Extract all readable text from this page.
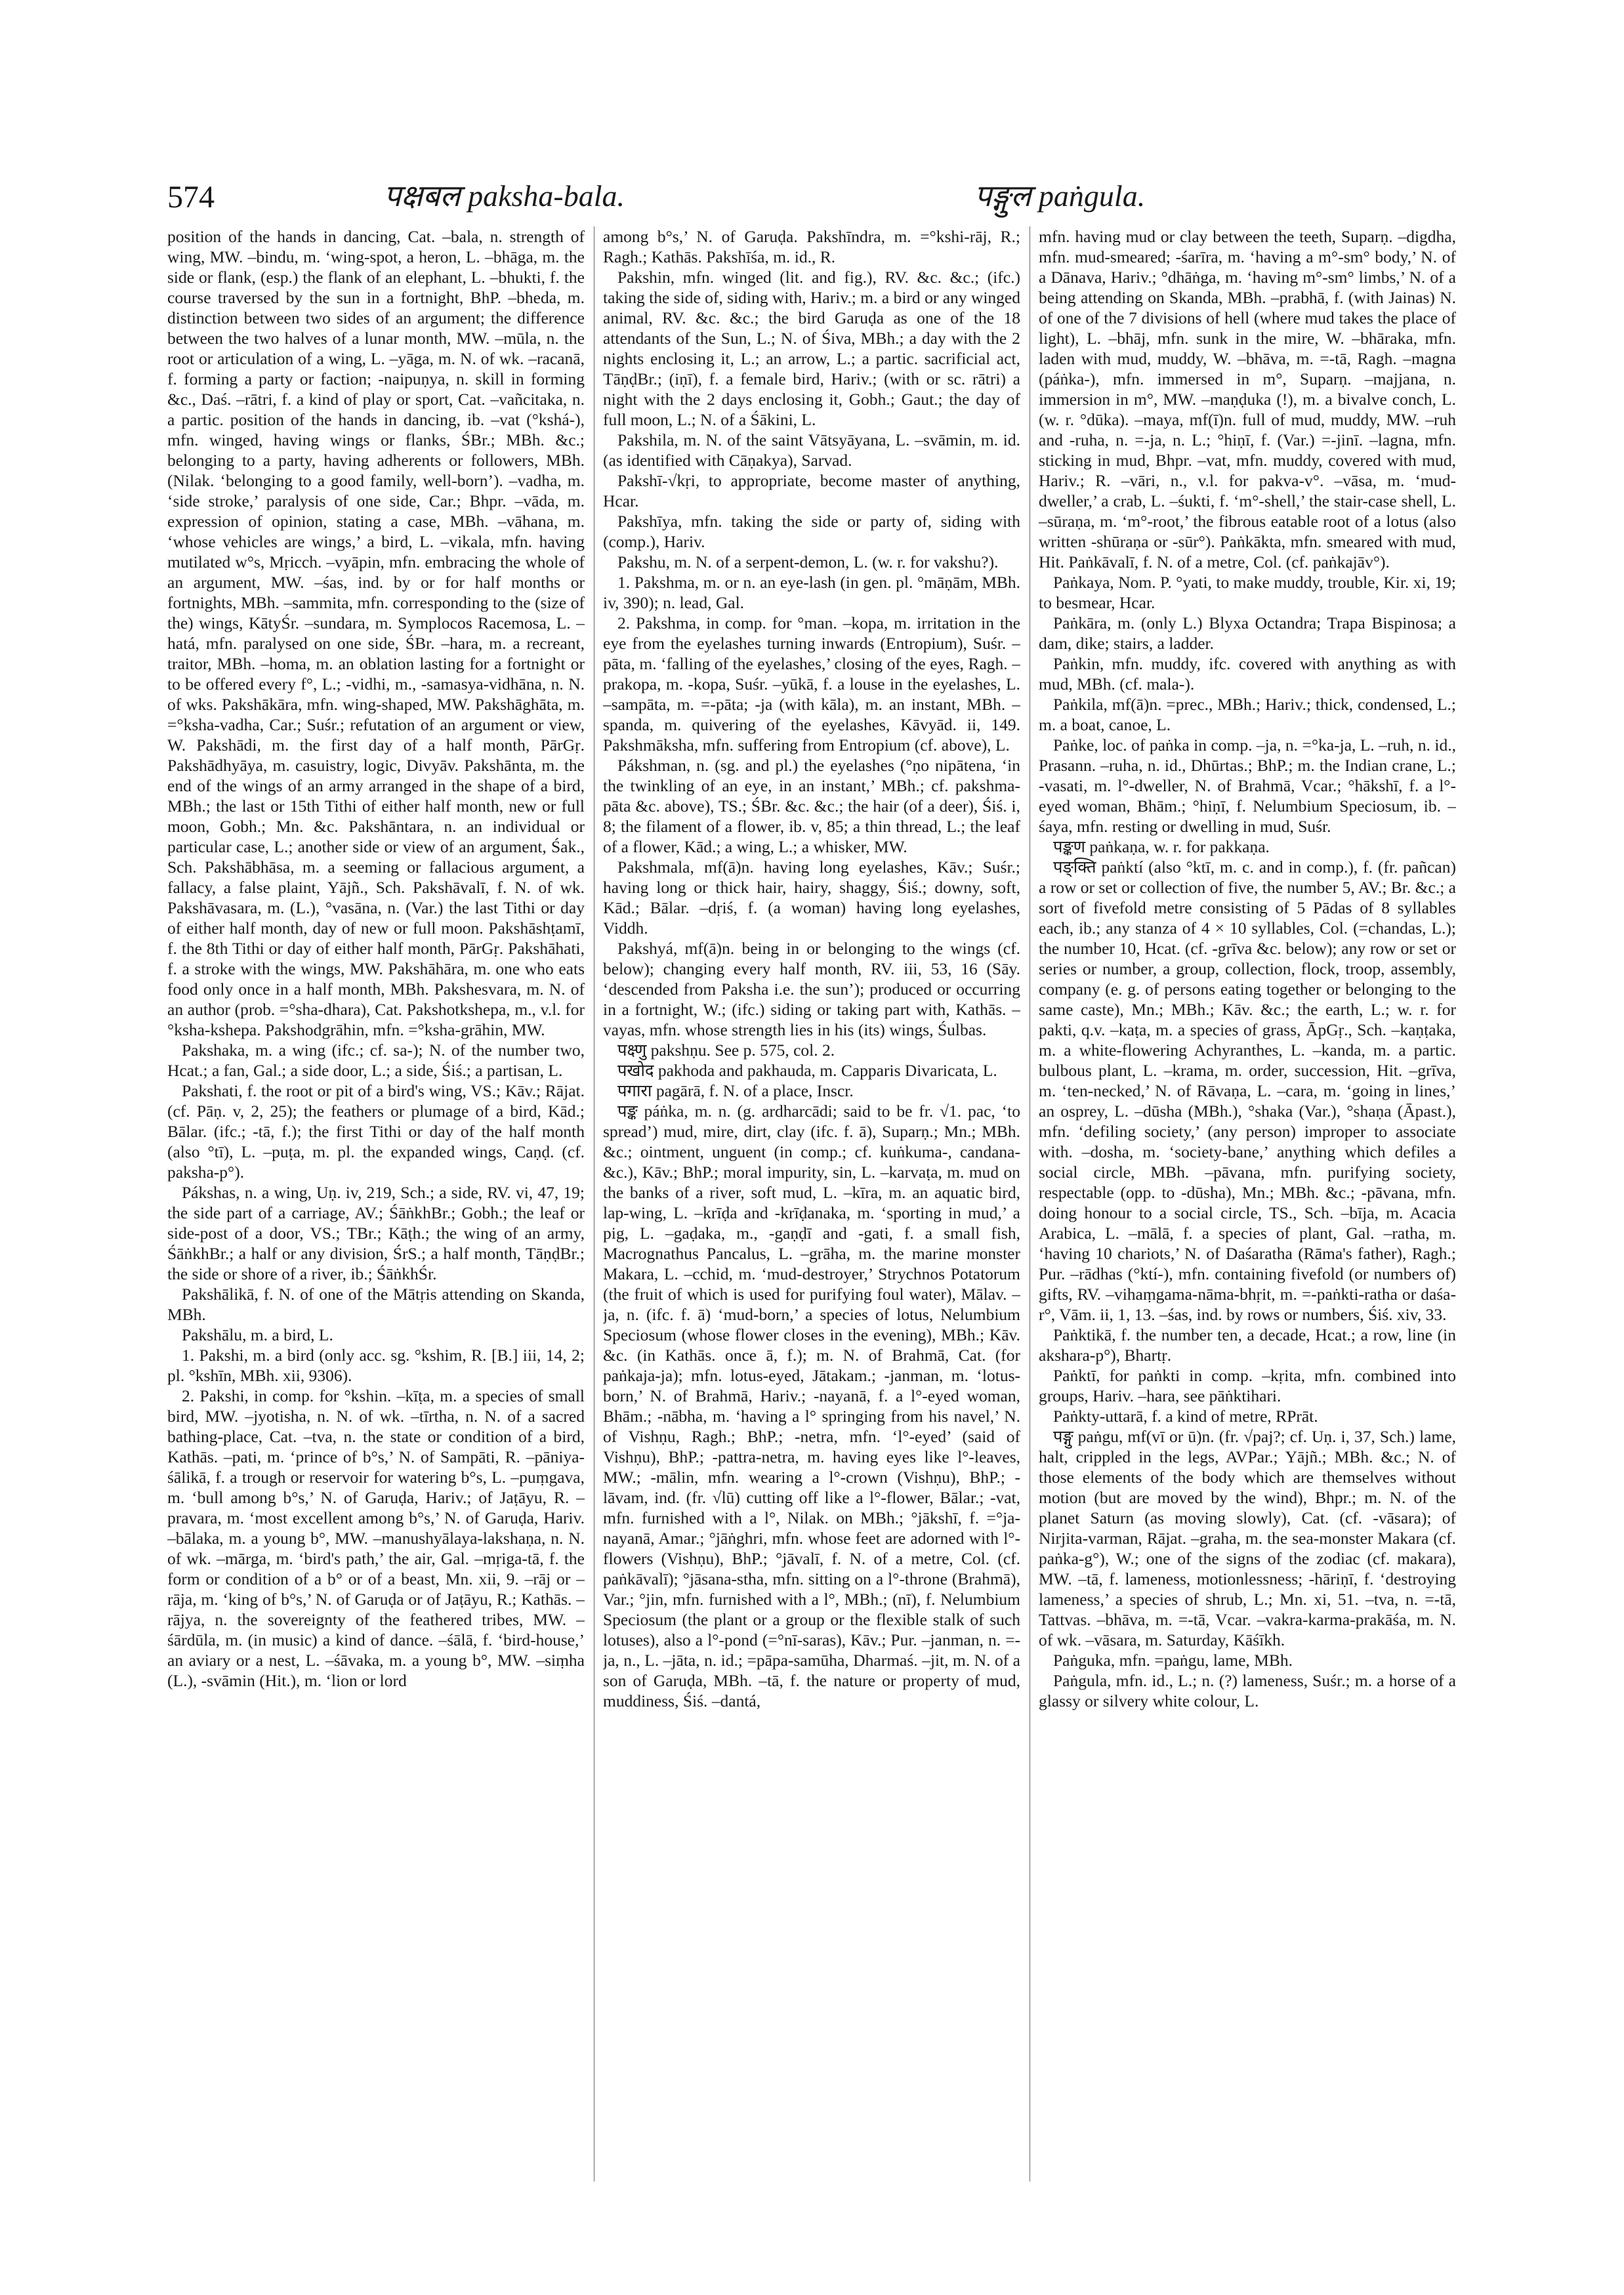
574	पक्षबल paksha-bala.	पङ्गुल paṅgula.

position of the hands in dancing, Cat. –bala, n. strength of wing, MW. –bindu, m. ‘wing-spot, a heron, L. –bhāga, m. the side or flank, (esp.) the flank of an elephant, L. –bhukti, f. the course traversed by the sun in a fortnight, BhP. –bheda, m. distinction between two sides of an argument; the difference between the two halves of a lunar month, MW. –mūla, n. the root or articulation of a wing, L. –yāga, m. N. of wk. –racanā, f. forming a party or faction; -naipuṇya, n. skill in forming &c., Daś. –rātri, f. a kind of play or sport, Cat. –vañcitaka, n. a partic. position of the hands in dancing, ib. –vat (°kshá-), mfn. winged, having wings or flanks, ŚBr.; MBh. &c.; belonging to a party, having adherents or followers, MBh. (Nilak. ‘belonging to a good family, well-born’). –vadha, m. ‘side stroke,’ paralysis of one side, Car.; Bhpr. –vāda, m. expression of opinion, stating a case, MBh. –vāhana, m. ‘whose vehicles are wings,’ a bird, L. –vikala, mfn. having mutilated w°s, Mṛicch. –vyāpin, mfn. embracing the whole of an argument, MW. –śas, ind. by or for half months or fortnights, MBh. –sammita, mfn. corresponding to the (size of the) wings, KātyŚr. –sundara, m. Symplocos Racemosa, L. –hatá, mfn. paralysed on one side, ŚBr. –hara, m. a recreant, traitor, MBh. –homa, m. an oblation lasting for a fortnight or to be offered every f°, L.; -vidhi, m., -samasya-vidhāna, n. N. of wks. Pakshākāra, mfn. wing-shaped, MW. Pakshāghāta, m. =°ksha-vadha, Car.; Suśr.; refutation of an argument or view, W. Pakshādi, m. the first day of a half month, PārGṛ. Pakshādhyāya, m. casuistry, logic, Divyāv. Pakshānta, m. the end of the wings of an army arranged in the shape of a bird, MBh.; the last or 15th Tithi of either half month, new or full moon, Gobh.; Mn. &c. Pakshāntara, n. an individual or particular case, L.; another side or view of an argument, Śak., Sch. Pakshābhāsa, m. a seeming or fallacious argument, a fallacy, a false plaint, Yājñ., Sch. Pakshāvalī, f. N. of wk. Pakshāvasara, m. (L.), °vasāna, n. (Var.) the last Tithi or day of either half month, day of new or full moon. Pakshāshṭamī, f. the 8th Tithi or day of either half month, PārGṛ. Pakshāhati, f. a stroke with the wings, MW. Pakshāhāra, m. one who eats food only once in a half month, MBh. Pakshesvara, m. N. of an author (prob. =°sha-dhara), Cat. Pakshotkshepa, m., v.l. for °ksha-kshepa. Pakshodgrāhin, mfn. =°ksha-grāhin, MW.

Pakshaka, m. a wing (ifc.; cf. sa-); N. of the number two, Hcat.; a fan, Gal.; a side door, L.; a side, Śiś.; a partisan, L.

Pakshati, f. the root or pit of a bird's wing, VS.; Kāv.; Rājat. (cf. Pāṇ. v, 2, 25); the feathers or plumage of a bird, Kād.; Bālar. (ifc.; -tā, f.); the first Tithi or day of the half month (also °tī), L. –puṭa, m. pl. the expanded wings, Caṇḍ. (cf. paksha-p°).

Pákshas, n. a wing, Uṇ. iv, 219, Sch.; a side, RV. vi, 47, 19; the side part of a carriage, AV.; ŚāṅkhBr.; Gobh.; the leaf or side-post of a door, VS.; TBr.; Kāṭh.; the wing of an army, ŚāṅkhBr.; a half or any division, ŚrS.; a half month, TāṇḍBr.; the side or shore of a river, ib.; ŚāṅkhŚr.

Pakshālikā, f. N. of one of the Mātṛis attending on Skanda, MBh.

Pakshālu, m. a bird, L.

1. Pakshi, m. a bird (only acc. sg. °kshim, R. [B.] iii, 14, 2; pl. °kshīn, MBh. xii, 9306).

2. Pakshi, in comp. for °kshin. –kīṭa, m. a species of small bird, MW. –jyotisha, n. N. of wk. –tīrtha, n. N. of a sacred bathing-place, Cat. –tva, n. the state or condition of a bird, Kathās. –pati, m. ‘prince of b°s,’ N. of Sampāti, R. –pāniya-śālikā, f. a trough or reservoir for watering b°s, L. –puṃgava, m. ‘bull among b°s,’ N. of Garuḍa, Hariv.; of Jaṭāyu, R. –pravara, m. ‘most excellent among b°s,’ N. of Garuḍa, Hariv. –bālaka, m. a young b°, MW. –manushyālaya-lakshaṇa, n. N. of wk. –mārga, m. ‘bird's path,’ the air, Gal. –mṛiga-tā, f. the form or condition of a b° or of a beast, Mn. xii, 9. –rāj or –rāja, m. ‘king of b°s,’ N. of Garuḍa or of Jaṭāyu, R.; Kathās. –rājya, n. the sovereignty of the feathered tribes, MW. –śārdūla, m. (in music) a kind of dance. –śālā, f. ‘bird-house,’ an aviary or a nest, L. –śāvaka, m. a young b°, MW. –siṃha (L.), -svāmin (Hit.), m. ‘lion or lord

among b°s,’ N. of Garuḍa. Pakshīndra, m. =°kshi-rāj, R.; Ragh.; Kathās. Pakshīśa, m. id., R.

Pakshin, mfn. winged (lit. and fig.), RV. &c. &c.; (ifc.) taking the side of, siding with, Hariv.; m. a bird or any winged animal, RV. &c. &c.; the bird Garuḍa as one of the 18 attendants of the Sun, L.; N. of Śiva, MBh.; a day with the 2 nights enclosing it, L.; an arrow, L.; a partic. sacrificial act, TāṇḍBr.; (iṇī), f. a female bird, Hariv.; (with or sc. rātri) a night with the 2 days enclosing it, Gobh.; Gaut.; the day of full moon, L.; N. of a Śākini, L.

Pakshila, m. N. of the saint Vātsyāyana, L. –svāmin, m. id. (as identified with Cāṇakya), Sarvad.

Pakshī-√kṛi, to appropriate, become master of anything, Hcar.

Pakshīya, mfn. taking the side or party of, siding with (comp.), Hariv.

Pakshu, m. N. of a serpent-demon, L. (w. r. for vakshu?).

1. Pakshma, m. or n. an eye-lash (in gen. pl. °māṇām, MBh. iv, 390); n. lead, Gal.

2. Pakshma, in comp. for °man. –kopa, m. irritation in the eye from the eyelashes turning inwards (Entropium), Suśr. –pāta, m. ‘falling of the eyelashes,’ closing of the eyes, Ragh. –prakopa, m. -kopa, Suśr. –yūkā, f. a louse in the eyelashes, L. –sampāta, m. =-pāta; -ja (with kāla), m. an instant, MBh. –spanda, m. quivering of the eyelashes, Kāvyād. ii, 149. Pakshmāksha, mfn. suffering from Entropium (cf. above), L.

Pákshman, n. (sg. and pl.) the eyelashes (°ṇo nipātena, ‘in the twinkling of an eye, in an instant,’ MBh.; cf. pakshma-pāta &c. above), TS.; ŚBr. &c. &c.; the hair (of a deer), Śiś. i, 8; the filament of a flower, ib. v, 85; a thin thread, L.; the leaf of a flower, Kād.; a wing, L.; a whisker, MW.

Pakshmala, mf(ā)n. having long eyelashes, Kāv.; Suśr.; having long or thick hair, hairy, shaggy, Śiś.; downy, soft, Kād.; Bālar. –dṛiś, f. (a woman) having long eyelashes, Viddh.

Pakshyá, mf(ā)n. being in or belonging to the wings (cf. below); changing every half month, RV. iii, 53, 16 (Sāy. ‘descended from Paksha i.e. the sun’); produced or occurring in a fortnight, W.; (ifc.) siding or taking part with, Kathās. –vayas, mfn. whose strength lies in his (its) wings, Śulbas.

पक्ष्णु pakshṇu. See p. 575, col. 2.

पखोद pakhoda and pakhauda, m. Capparis Divaricata, L.

पगारा pagārā, f. N. of a place, Inscr.

पङ्क páṅka, m. n. (g. ardharcādi; said to be fr. √1. pac, ‘to spread’) mud, mire, dirt, clay (ifc. f. ā), Suparṇ.; Mn.; MBh. &c.; ointment, unguent (in comp.; cf. kuṅkuma-, candana- &c.), Kāv.; BhP.; moral impurity, sin, L. –karvaṭa, m. mud on the banks of a river, soft mud, L. –kīra, m. an aquatic bird, lap-wing, L. –krīḍa and -krīḍanaka, m. ‘sporting in mud,’ a pig, L. –gaḍaka, m., -gaṇḍī and -gati, f. a small fish, Macrognathus Pancalus, L. –grāha, m. the marine monster Makara, L. –cchid, m. ‘mud-destroyer,’ Strychnos Potatorum (the fruit of which is used for purifying foul water), Mālav. –ja, n. (ifc. f. ā) ‘mud-born,’ a species of lotus, Nelumbium Speciosum (whose flower closes in the evening), MBh.; Kāv. &c. (in Kathās. once ā, f.); m. N. of Brahmā, Cat. (for paṅkaja-ja); mfn. lotus-eyed, Jātakam.; -janman, m. ‘lotus-born,’ N. of Brahmā, Hariv.; -nayanā, f. a l°-eyed woman, Bhām.; -nābha, m. ‘having a l° springing from his navel,’ N. of Vishṇu, Ragh.; BhP.; -netra, mfn. ‘l°-eyed’ (said of Vishṇu), BhP.; -pattra-netra, m. having eyes like l°-leaves, MW.; -mālin, mfn. wearing a l°-crown (Vishṇu), BhP.; -lāvam, ind. (fr. √lū) cutting off like a l°-flower, Bālar.; -vat, mfn. furnished with a l°, Nilak. on MBh.; °jākshī, f. =°ja-nayanā, Amar.; °jāṅghri, mfn. whose feet are adorned with l°-flowers (Vishṇu), BhP.; °jāvalī, f. N. of a metre, Col. (cf. paṅkāvalī); °jāsana-stha, mfn. sitting on a l°-throne (Brahmā), Var.; °jin, mfn. furnished with a l°, MBh.; (nī), f. Nelumbium Speciosum (the plant or a group or the flexible stalk of such lotuses), also a l°-pond (=°nī-saras), Kāv.; Pur. –janman, n. =-ja, n., L. –jāta, n. id.; =pāpa-samūha, Dharmaś. –jit, m. N. of a son of Garuḍa, MBh. –tā, f. the nature or property of mud, muddiness, Śiś. –dantá,

mfn. having mud or clay between the teeth, Suparṇ. –digdha, mfn. mud-smeared; -śarīra, m. ‘having a m°-sm° body,’ N. of a Dānava, Hariv.; °dhāṅga, m. ‘having m°-sm° limbs,’ N. of a being attending on Skanda, MBh. –prabhā, f. (with Jainas) N. of one of the 7 divisions of hell (where mud takes the place of light), L. –bhāj, mfn. sunk in the mire, W. –bhāraka, mfn. laden with mud, muddy, W. –bhāva, m. =-tā, Ragh. –magna (páṅka-), mfn. immersed in m°, Suparṇ. –majjana, n. immersion in m°, MW. –maṇḍuka (!), m. a bivalve conch, L. (w. r. °dūka). –maya, mf(ī)n. full of mud, muddy, MW. –ruh and -ruha, n. =-ja, n. L.; °hiṇī, f. (Var.) =-jinī. –lagna, mfn. sticking in mud, Bhpr. –vat, mfn. muddy, covered with mud, Hariv.; R. –vāri, n., v.l. for pakva-v°. –vāsa, m. ‘mud-dweller,’ a crab, L. –śukti, f. ‘m°-shell,’ the stair-case shell, L. –sūraṇa, m. ‘m°-root,’ the fibrous eatable root of a lotus (also written -shūraṇa or -sūr°). Paṅkākta, mfn. smeared with mud, Hit. Paṅkāvalī, f. N. of a metre, Col. (cf. paṅkajāv°).

Paṅkaya, Nom. P. °yati, to make muddy, trouble, Kir. xi, 19; to besmear, Hcar.

Paṅkāra, m. (only L.) Blyxa Octandra; Trapa Bispinosa; a dam, dike; stairs, a ladder.

Paṅkin, mfn. muddy, ifc. covered with anything as with mud, MBh. (cf. mala-).

Paṅkila, mf(ā)n. =prec., MBh.; Hariv.; thick, condensed, L.; m. a boat, canoe, L.

Paṅke, loc. of paṅka in comp. –ja, n. =°ka-ja, L. –ruh, n. id., Prasann. –ruha, n. id., Dhūrtas.; BhP.; m. the Indian crane, L.; -vasati, m. l°-dweller, N. of Brahmā, Vcar.; °hākshī, f. a l°-eyed woman, Bhām.; °hiṇī, f. Nelumbium Speciosum, ib. –śaya, mfn. resting or dwelling in mud, Suśr.

पङ्कण paṅkaṇa, w. r. for pakkaṇa.

पङ्क्ति paṅktí (also °ktī, m. c. and in comp.), f. (fr. pañcan) a row or set or collection of five, the number 5, AV.; Br. &c.; a sort of fivefold metre consisting of 5 Pādas of 8 syllables each, ib.; any stanza of 4 × 10 syllables, Col. (=chandas, L.); the number 10, Hcat. (cf. -grīva &c. below); any row or set or series or number, a group, collection, flock, troop, assembly, company (e. g. of persons eating together or belonging to the same caste), Mn.; MBh.; Kāv. &c.; the earth, L.; w. r. for pakti, q.v. –kaṭa, m. a species of grass, ĀpGṛ., Sch. –kaṇṭaka, m. a white-flowering Achyranthes, L. –kanda, m. a partic. bulbous plant, L. –krama, m. order, succession, Hit. –grīva, m. ‘ten-necked,’ N. of Rāvaṇa, L. –cara, m. ‘going in lines,’ an osprey, L. –dūsha (MBh.), °shaka (Var.), °shaṇa (Āpast.), mfn. ‘defiling society,’ (any person) improper to associate with. –dosha, m. ‘society-bane,’ anything which defiles a social circle, MBh. –pāvana, mfn. purifying society, respectable (opp. to -dūsha), Mn.; MBh. &c.; -pāvana, mfn. doing honour to a social circle, TS., Sch. –bīja, m. Acacia Arabica, L. –mālā, f. a species of plant, Gal. –ratha, m. ‘having 10 chariots,’ N. of Daśaratha (Rāma's father), Ragh.; Pur. –rādhas (°ktí-), mfn. containing fivefold (or numbers of) gifts, RV. –vihaṃgama-nāma-bhṛit, m. =-paṅkti-ratha or daśa-r°, Vām. ii, 1, 13. –śas, ind. by rows or numbers, Śiś. xiv, 33.

Paṅktikā, f. the number ten, a decade, Hcat.; a row, line (in akshara-p°), Bhartṛ.

Paṅktī, for paṅkti in comp. –kṛita, mfn. combined into groups, Hariv. –hara, see pāṅktihari.

Paṅkty-uttarā, f. a kind of metre, RPrāt.

पङ्गु paṅgu, mf(vī or ū)n. (fr. √paj?; cf. Uṇ. i, 37, Sch.) lame, halt, crippled in the legs, AVPar.; Yājñ.; MBh. &c.; N. of those elements of the body which are themselves without motion (but are moved by the wind), Bhpr.; m. N. of the planet Saturn (as moving slowly), Cat. (cf. -vāsara); of Nirjita-varman, Rājat. –graha, m. the sea-monster Makara (cf. paṅka-g°), W.; one of the signs of the zodiac (cf. makara), MW. –tā, f. lameness, motionlessness; -hāriṇī, f. ‘destroying lameness,’ a species of shrub, L.; Mn. xi, 51. –tva, n. =-tā, Tattvas. –bhāva, m. =-tā, Vcar. –vakra-karma-prakāśa, m. N. of wk. –vāsara, m. Saturday, Kāśīkh.

Paṅguka, mfn. =paṅgu, lame, MBh.

Paṅgula, mfn. id., L.; n. (?) lameness, Suśr.; m. a horse of a glassy or silvery white colour, L.
